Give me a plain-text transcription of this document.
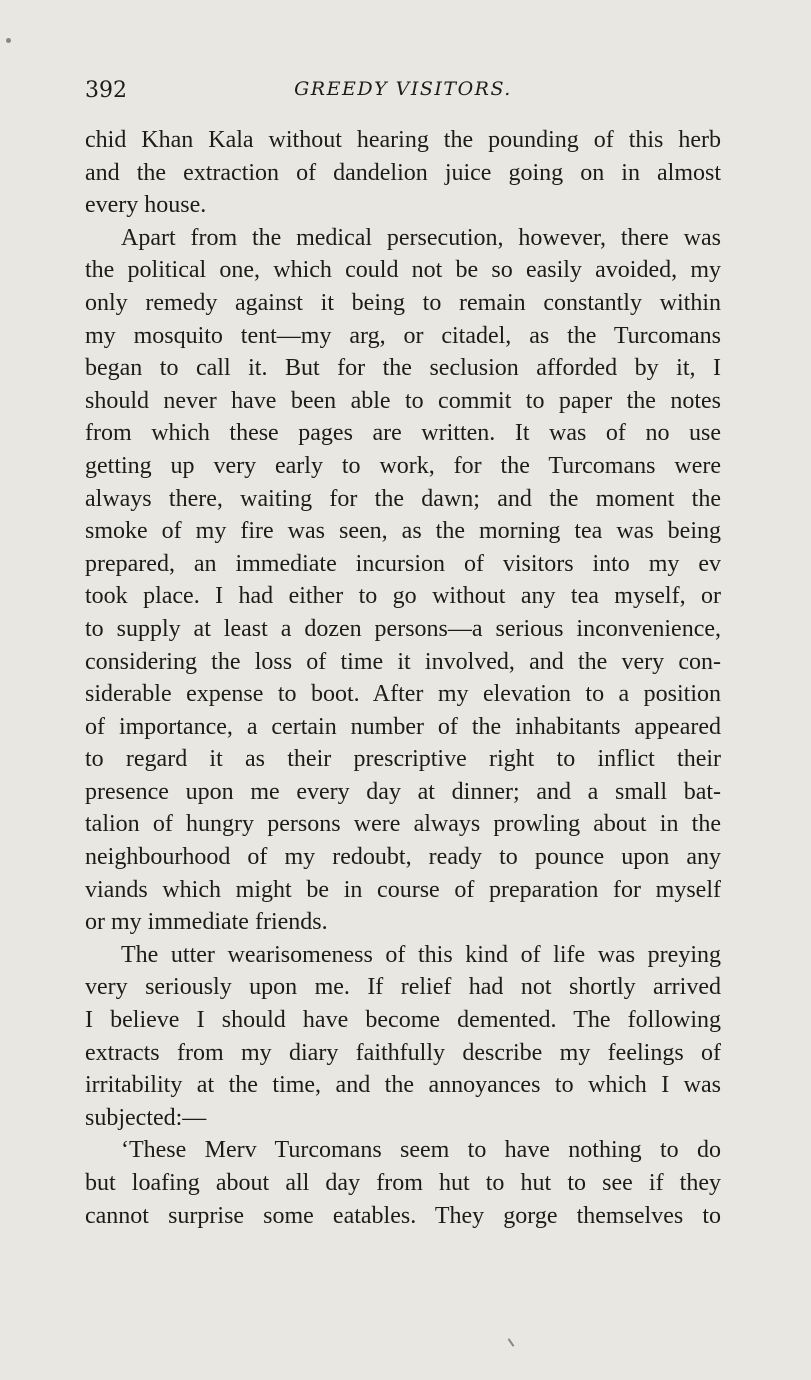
392	GREEDY VISITORS.
chid Khan Kala without hearing the pounding of this herb
and the extraction of dandelion juice going on in almost
every house.
Apart from the medical persecution, however, there was
the political one, which could not be so easily avoided, my
only remedy against it being to remain constantly within
my mosquito tent—my arg, or citadel, as the Turcomans
began to call it. But for the seclusion afforded by it, I
should never have been able to commit to paper the notes
from which these pages are written. It was of no use
getting up very early to work, for the Turcomans were
always there, waiting for the dawn; and the moment the
smoke of my fire was seen, as the morning tea was being
prepared, an immediate incursion of visitors into my ev
took place. I had either to go without any tea myself, or
to supply at least a dozen persons—a serious inconvenience,
considering the loss of time it involved, and the very con-
siderable expense to boot. After my elevation to a position
of importance, a certain number of the inhabitants appeared
to regard it as their prescriptive right to inflict their
presence upon me every day at dinner; and a small bat-
talion of hungry persons were always prowling about in the
neighbourhood of my redoubt, ready to pounce upon any
viands which might be in course of preparation for myself
or my immediate friends.
The utter wearisomeness of this kind of life was preying
very seriously upon me. If relief had not shortly arrived
I believe I should have become demented. The following
extracts from my diary faithfully describe my feelings of
irritability at the time, and the annoyances to which I was
subjected:—
‘These Merv Turcomans seem to have nothing to do
but loafing about all day from hut to hut to see if they
cannot surprise some eatables. They gorge themselves to
